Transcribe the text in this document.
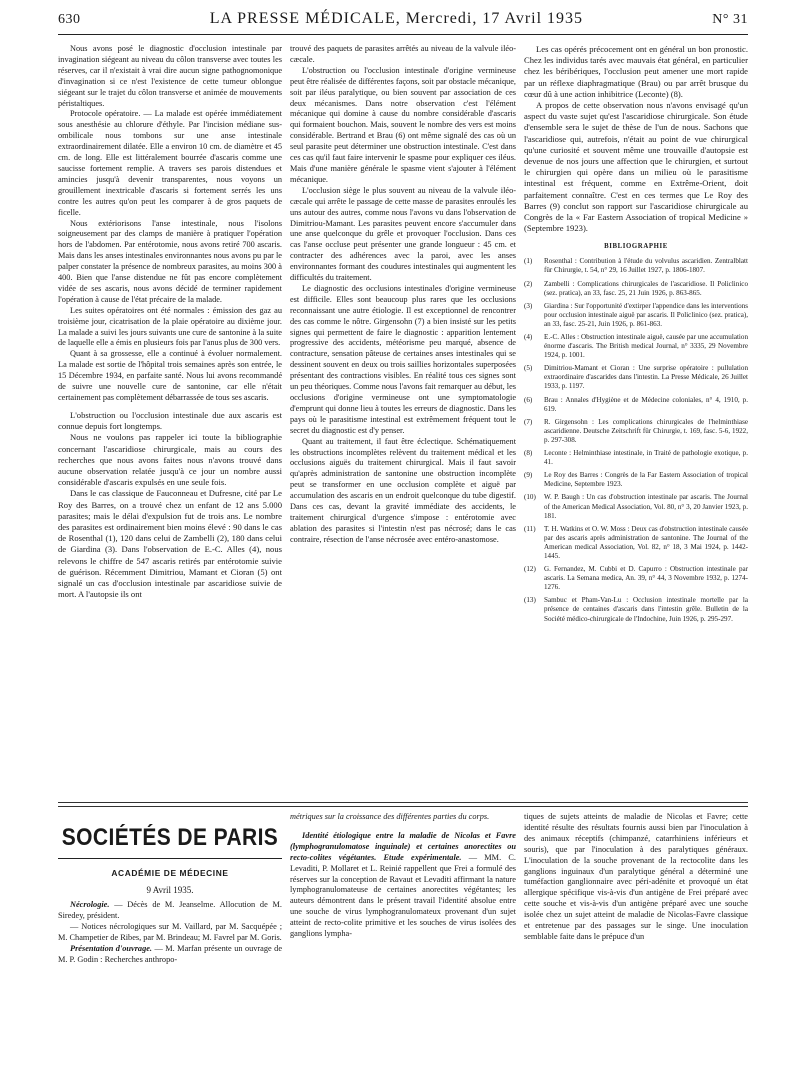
630	LA PRESSE MÉDICALE, Mercredi, 17 Avril 1935	N° 31

Nous avons posé le diagnostic d'occlusion intestinale par invagination siégeant au niveau du côlon transverse avec toutes les réserves, car il n'existait à vrai dire aucun signe pathognomonique d'invagination si ce n'est l'existence de cette tumeur oblongue siégeant sur le trajet du côlon transverse et animée de mouvements péristaltiques.

Protocole opératoire. — La malade est opérée immédiatement sous anesthésie au chlorure d'éthyle. Par l'incision médiane sus-ombilicale nous tombons sur une anse intestinale extraordinairement dilatée. Elle a environ 10 cm. de diamètre et 45 cm. de long. Elle est littéralement bourrée d'ascaris comme une saucisse fortement remplie. A travers ses parois distendues et amincies jusqu'à devenir transparentes, nous voyons un grouillement inextricable d'ascaris si fortement serrés les uns contre les autres qu'on peut les comparer à de gros paquets de ficelle.

Nous extériorisons l'anse intestinale, nous l'isolons soigneusement par des clamps de manière à pratiquer l'opération hors de l'abdomen. Par entérotomie, nous avons retiré 700 ascaris. Mais dans les anses intestinales environnantes nous avons pu par le palper constater la présence de nombreux parasites, au moins 300 à 400. Bien que l'anse distendue ne fût pas encore complètement vidée de ses ascaris, nous avons décidé de terminer rapidement l'opération à cause de l'état précaire de la malade.

Les suites opératoires ont été normales : émission des gaz au troisième jour, cicatrisation de la plaie opératoire au dixième jour. La malade a suivi les jours suivants une cure de santonine à la suite de laquelle elle a émis en plusieurs fois par l'anus plus de 300 vers.

Quant à sa grossesse, elle a continué à évoluer normalement. La malade est sortie de l'hôpital trois semaines après son entrée, le 15 Décembre 1934, en parfaite santé. Nous lui avons recommandé de suivre une nouvelle cure de santonine, car elle n'était certainement pas complètement débarrassée de tous ses ascaris.

L'obstruction ou l'occlusion intestinale due aux ascaris est connue depuis fort longtemps.

Nous ne voulons pas rappeler ici toute la bibliographie concernant l'ascaridiose chirurgicale, mais au cours des recherches que nous avons faites nous n'avons trouvé dans aucune observation relatée jusqu'à ce jour un nombre aussi considérable d'ascaris expulsés en une seule fois.

Dans le cas classique de Fauconneau et Dufresne, cité par Le Roy des Barres, on a trouvé chez un enfant de 12 ans 5.000 parasites; mais le délai d'expulsion fut de trois ans. Le nombre des parasites est ordinairement bien moins élevé : 90 dans le cas de Rosenthal (1), 120 dans celui de Zambelli (2), 180 dans celui de Giardina (3). Dans l'observation de E.-C. Alles (4), nous relevons le chiffre de 547 ascaris retirés par entérotomie suivie de guérison. Récemment Dimitriou, Mamant et Cioran (5) ont signalé un cas d'occlusion intestinale par ascaridiose suivie de mort. A l'autopsie ils ont

trouvé des paquets de parasites arrêtés au niveau de la valvule iléo-cæcale.

L'obstruction ou l'occlusion intestinale d'origine vermineuse peut être réalisée de différentes façons, soit par obstacle mécanique, soit par iléus paralytique, ou bien souvent par association de ces deux mécanismes. Dans notre observation c'est l'élément mécanique qui domine à cause du nombre considérable d'ascaris qui formaient bouchon. Mais, souvent le nombre des vers est moins considérable. Bertrand et Brau (6) ont même signalé des cas où un seul parasite peut déterminer une obstruction intestinale. C'est dans ces cas qu'il faut faire intervenir le spasme pour expliquer ces iléus. Mais d'une manière générale le spasme vient s'ajouter à l'élément mécanique.

L'occlusion siège le plus souvent au niveau de la valvule iléo-cæcale qui arrête le passage de cette masse de parasites enroulés les uns autour des autres, comme nous l'avons vu dans l'observation de Dimitriou-Mamant. Les parasites peuvent encore s'accumuler dans une anse quelconque du grêle et provoquer l'occlusion. Dans ces cas l'anse occluse peut présenter une grande longueur : 45 cm. et contracter des adhérences avec la paroi, avec les anses environnantes formant des coudures intestinales qui augmentent les difficultés du traitement.

Le diagnostic des occlusions intestinales d'origine vermineuse est difficile. Elles sont beaucoup plus rares que les occlusions reconnaissant une autre étiologie. Il est exceptionnel de rencontrer des cas comme le nôtre. Girgensohn (7) a bien insisté sur les petits signes qui permettent de faire le diagnostic : apparition lentement progressive des accidents, météorisme peu marqué, absence de contracture, sensation pâteuse de certaines anses intestinales qui se dessinent souvent en deux ou trois saillies horizontales superposées présentant des contractions visibles. En réalité tous ces signes sont un peu théoriques. Comme nous l'avons fait remarquer au début, les occlusions d'origine vermineuse ont une symptomatologie d'emprunt qui donne lieu à toutes les erreurs de diagnostic. Dans les pays où le parasitisme intestinal est extrêmement fréquent tout le secret du diagnostic est d'y penser.

Quant au traitement, il faut être éclectique. Schématiquement les obstructions incomplètes relèvent du traitement médical et les occlusions aiguës du traitement chirurgical. Mais il faut savoir qu'après administration de santonine une obstruction incomplète peut se transformer en une occlusion complète et aiguë par accumulation des ascaris en un endroit quelconque du tube digestif. Dans ces cas, devant la gravité immédiate des accidents, le traitement chirurgical d'urgence s'impose : entérotomie avec ablation des parasites si l'intestin n'est pas nécrosé; dans le cas contraire, résection de l'anse nécrosée avec entéro-anastomose.

Les cas opérés précocement ont en général un bon pronostic. Chez les individus tarés avec mauvais état général, en particulier chez les béribériques, l'occlusion peut amener une mort rapide par un réflexe diaphragmatique (Brau) ou par arrêt brusque du cœur dû à une action inhibitrice (Leconte) (8).

A propos de cette observation nous n'avons envisagé qu'un aspect du vaste sujet qu'est l'ascaridiose chirurgicale. Son étude d'ensemble sera le sujet de thèse de l'un de nous. Sachons que l'ascaridiose qui, autrefois, n'était au point de vue chirurgical qu'une curiosité et souvent même une trouvaille d'autopsie est devenue de nos jours une affection que le chirurgien, et surtout le chirurgien qui opère dans un milieu où le parasitisme intestinal est fréquent, comme en Extrême-Orient, doit parfaitement connaître. C'est en ces termes que Le Roy des Barres (9) conclut son rapport sur l'ascaridiose chirurgicale au Congrès de la « Far Eastern Association of tropical Medicine » (Septembre 1923).

BIBLIOGRAPHIE
(1)	Rosenthal : Contribution à l'étude du volvulus ascaridien. Zentralblatt für Chirurgie, t. 54, n° 29, 16 Juillet 1927, p. 1806-1807.
(2)	Zambelli : Complications chirurgicales de l'ascaridiose. Il Policlinico (sez. pratica), an 33, fasc. 25, 21 Juin 1926, p. 863-865.
(3)	Giardina : Sur l'opportunité d'extirper l'appendice dans les interventions pour occlusion intestinale aiguë par ascaris. Il Policlinico (sez. pratica), an 33, fasc. 25-21, Juin 1926, p. 861-863.
(4)	E.-C. Alles : Obstruction intestinale aiguë, causée par une accumulation énorme d'ascaris. The British medical Journal, n° 3335, 29 Novembre 1924, p. 1001.
(5)	Dimitriou-Mamant et Cioran : Une surprise opératoire : pullulation extraordinaire d'ascarides dans l'intestin. La Presse Médicale, 26 Juillet 1933, p. 1197.
(6)	Brau : Annales d'Hygiène et de Médecine coloniales, n° 4, 1910, p. 619.
(7)	R. Girgensohn : Les complications chirurgicales de l'helminthiase ascaridienne. Deutsche Zeitschrift für Chirurgie, t. 169, fasc. 5-6, 1922, p. 297-308.
(8)	Leconte : Helminthiase intestinale, in Traité de pathologie exotique, p. 41.
(9)	Le Roy des Barres : Congrès de la Far Eastern Association of tropical Medicine, Septembre 1923.
(10)	W. P. Baugh : Un cas d'obstruction intestinale par ascaris. The Journal of the American Medical Association, Vol. 80, n° 3, 20 Janvier 1923, p. 181.
(11)	T. H. Watkins et O. W. Moss : Deux cas d'obstruction intestinale causée par des ascaris après administration de santonine. The Journal of the American medical Association, Vol. 82, n° 18, 3 Mai 1924, p. 1442-1445.
(12)	G. Fernandez, M. Cubbi et D. Capurro : Obstruction intestinale par ascaris. La Semana medica, An. 39, n° 44, 3 Novembre 1932, p. 1274-1276.
(13)	Sambuc et Pham-Van-Lu : Occlusion intestinale mortelle par la présence de centaines d'ascaris dans l'intestin grêle. Bulletin de la Société médico-chirurgicale de l'Indochine, Juin 1926, p. 295-297.
SOCIÉTÉS DE PARIS
ACADÉMIE DE MÉDECINE
9 Avril 1935.

Nécrologie. — Décès de M. Jeanselme. Allocution de M. Siredey, président.

— Notices nécrologiques sur M. Vaillard, par M. Sacquépée ; M. Champetier de Ribes, par M. Brindeau; M. Favrel par M. Goris.

Présentation d'ouvrage. — M. Marfan présente un ouvrage de M. P. Godin : Recherches anthropo-

métriques sur la croissance des différentes parties du corps.

Identité étiologique entre la maladie de Nicolas et Favre (lymphogranulomatose inguinale) et certaines anorectites ou recto-colites végétantes. Etude expérimentale. — MM. C. Levaditi, P. Mollaret et L. Reinié rappellent que Frei a formulé des réserves sur la conception de Ravaut et Levaditi affirmant la nature lymphogranulomateuse de certaines anorectites végétantes; les auteurs démontrent dans le présent travail l'identité absolue entre une souche de virus lymphogranulomateux provenant d'un sujet atteint de recto-colite primitive et les souches de virus isolées des ganglions lympha-

tiques de sujets atteints de maladie de Nicolas et Favre; cette identité résulte des résultats fournis aussi bien par l'inoculation à des animaux réceptifs (chimpanzé, catarrhiniens inférieurs et souris), que par l'inoculation à des paralytiques généraux. L'inoculation de la souche provenant de la rectocolite dans les ganglions inguinaux d'un paralytique général a déterminé une tuméfaction ganglionnaire avec péri-adénite et provoqué un état allergique spécifique vis-à-vis d'un antigène de Frei préparé avec cette souche et vis-à-vis d'un antigène préparé avec une souche isolée chez un sujet atteint de maladie de Nicolas-Favre classique et entretenue par des passages sur le singe. Une inoculation semblable faite dans le prépuce d'un
